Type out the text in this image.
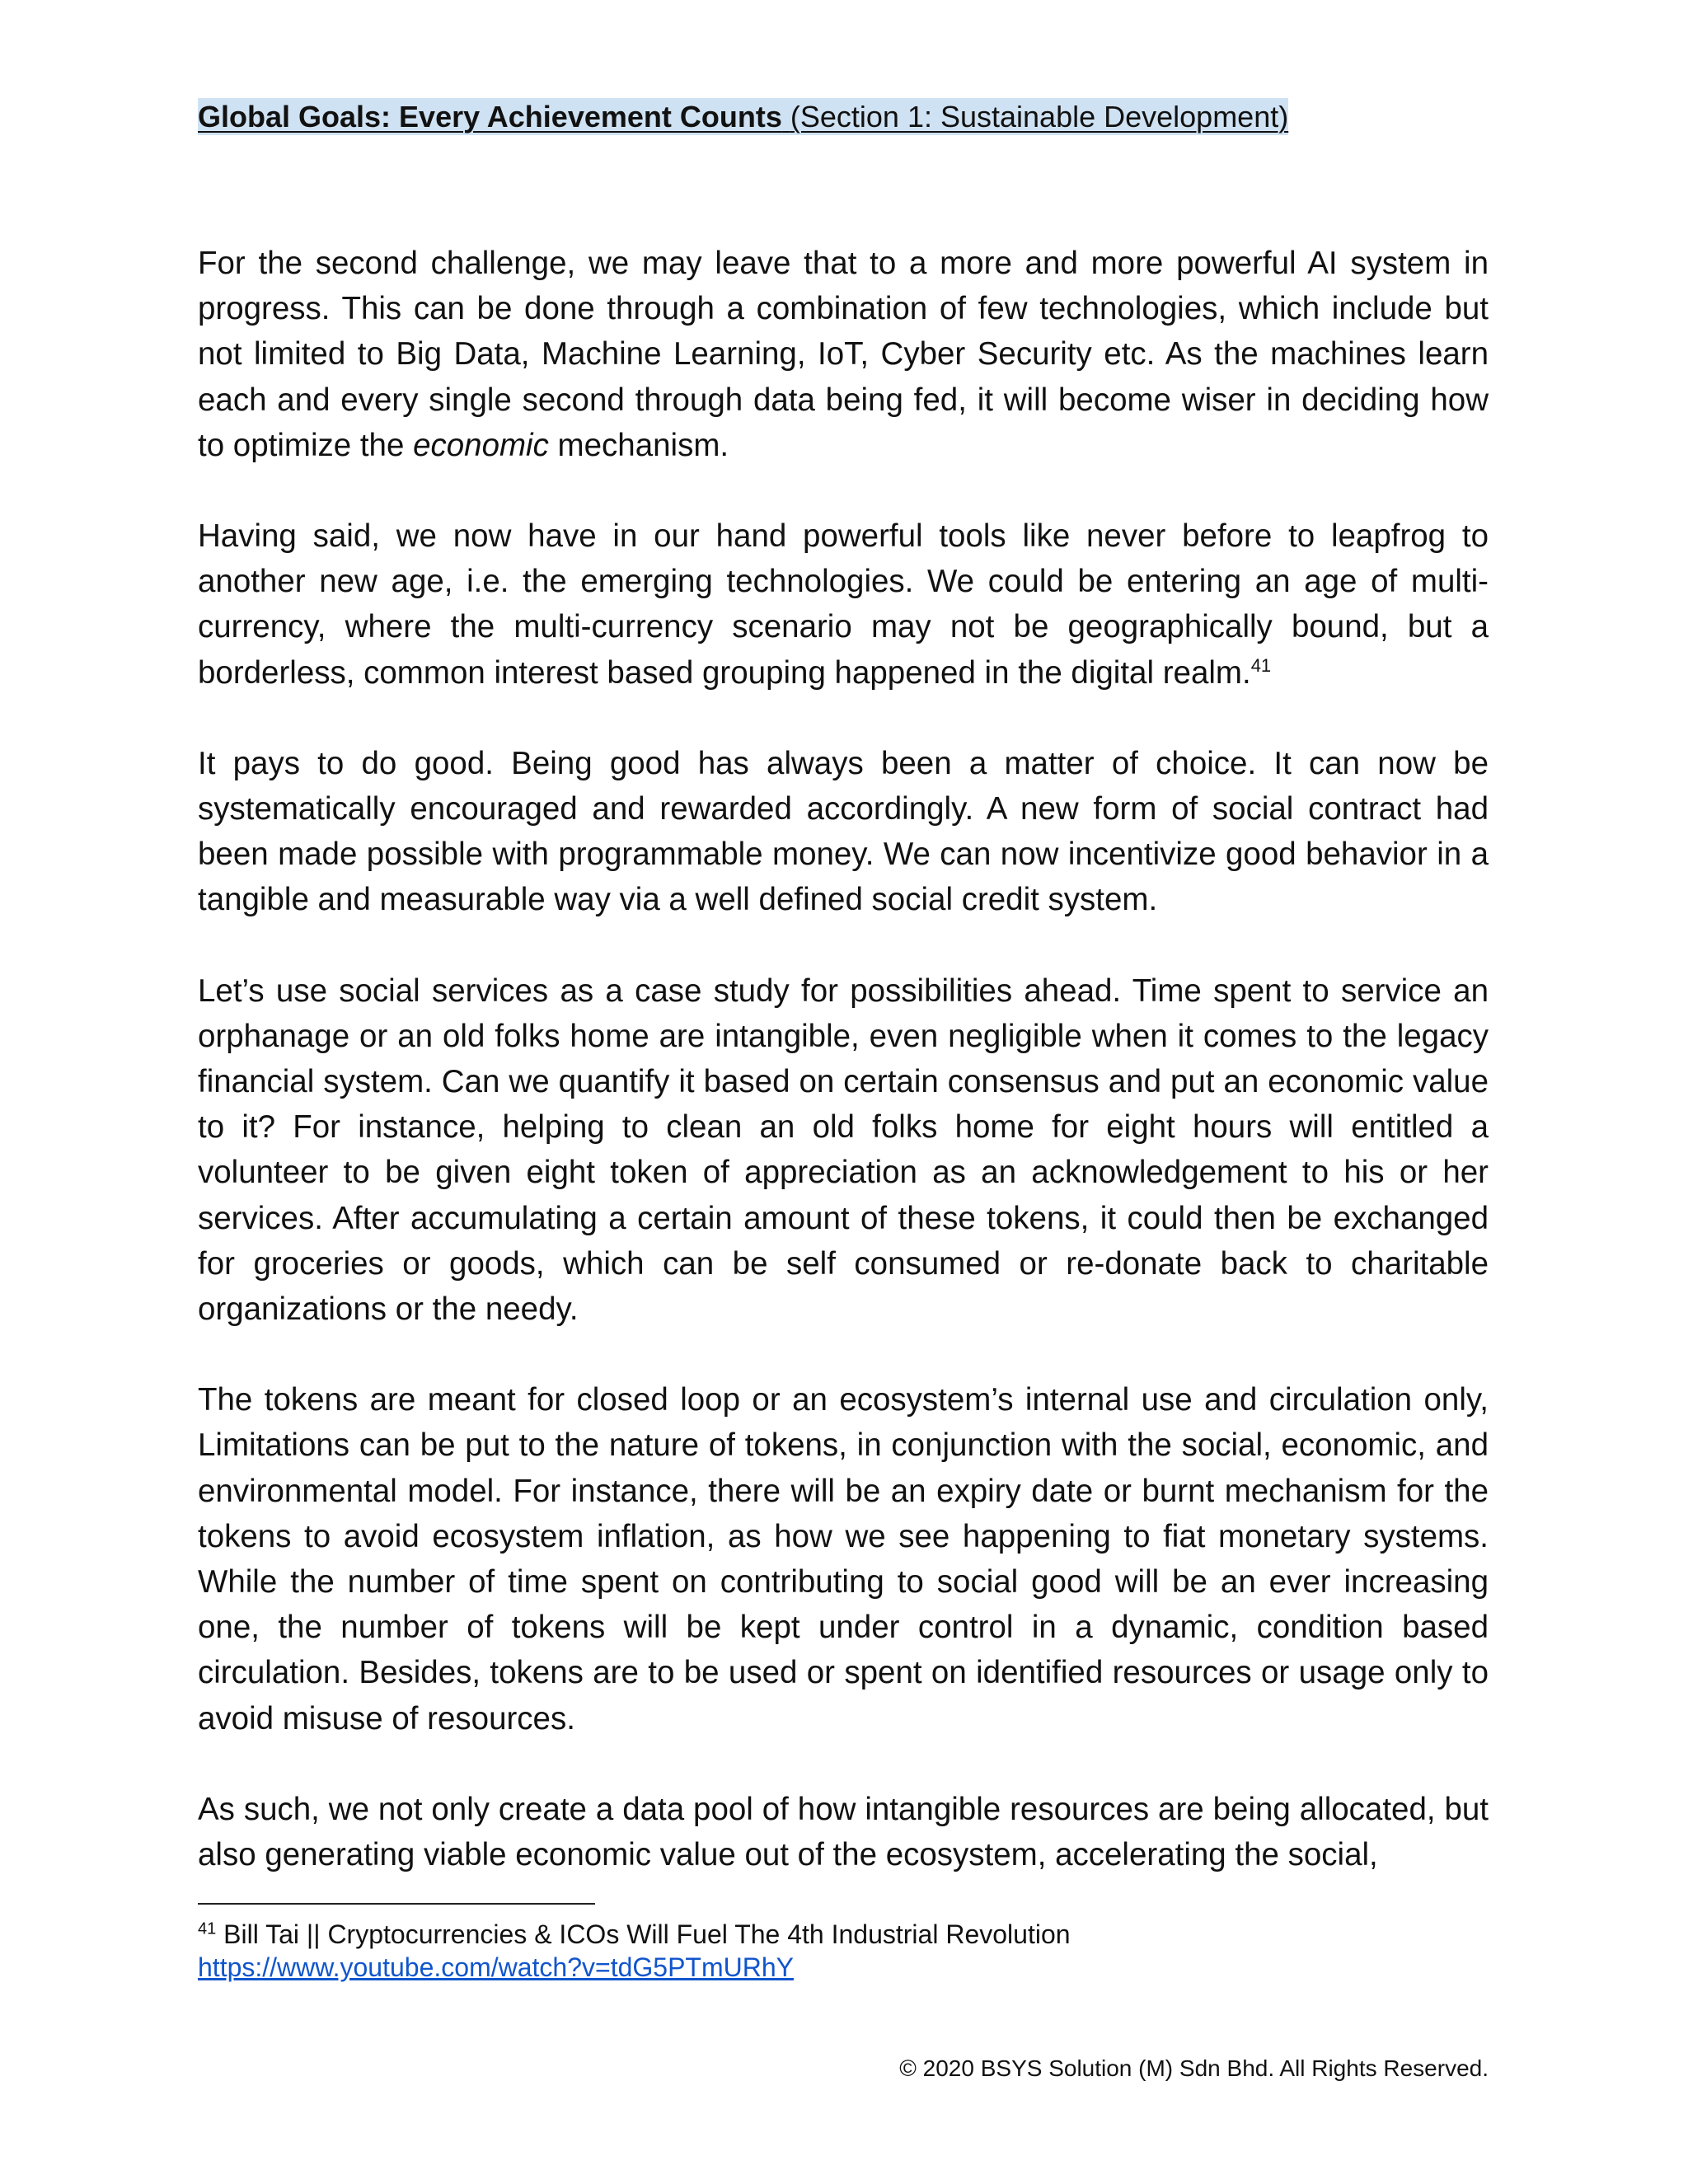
Global Goals: Every Achievement Counts (Section 1: Sustainable Development)

For the second challenge, we may leave that to a more and more powerful AI system in progress. This can be done through a combination of few technologies, which include but not limited to Big Data, Machine Learning, IoT, Cyber Security etc. As the machines learn each and every single second through data being fed, it will become wiser in deciding how to optimize the economic mechanism.

Having said, we now have in our hand powerful tools like never before to leapfrog to another new age, i.e. the emerging technologies. We could be entering an age of multi-currency, where the multi-currency scenario may not be geographically bound, but a borderless, common interest based grouping happened in the digital realm.$^{41}$

It pays to do good. Being good has always been a matter of choice. It can now be systematically encouraged and rewarded accordingly. A new form of social contract had been made possible with programmable money. We can now incentivize good behavior in a tangible and measurable way via a well defined social credit system.

Let’s use social services as a case study for possibilities ahead. Time spent to service an orphanage or an old folks home are intangible, even negligible when it comes to the legacy financial system. Can we quantify it based on certain consensus and put an economic value to it? For instance, helping to clean an old folks home for eight hours will entitled a volunteer to be given eight token of appreciation as an acknowledgement to his or her services. After accumulating a certain amount of these tokens, it could then be exchanged for groceries or goods, which can be self consumed or re-donate back to charitable organizations or the needy.

The tokens are meant for closed loop or an ecosystem’s internal use and circulation only, Limitations can be put to the nature of tokens, in conjunction with the social, economic, and environmental model. For instance, there will be an expiry date or burnt mechanism for the tokens to avoid ecosystem inflation, as how we see happening to fiat monetary systems. While the number of time spent on contributing to social good will be an ever increasing one, the number of tokens will be kept under control in a dynamic, condition based circulation. Besides, tokens are to be used or spent on identified resources or usage only to avoid misuse of resources.

As such, we not only create a data pool of how intangible resources are being allocated, but also generating viable economic value out of the ecosystem, accelerating the social,

$^{41}$ Bill Tai || Cryptocurrencies & ICOs Will Fuel The 4th Industrial Revolution
https://www.youtube.com/watch?v=tdG5PTmURhY
© 2020 BSYS Solution (M) Sdn Bhd. All Rights Reserved.
